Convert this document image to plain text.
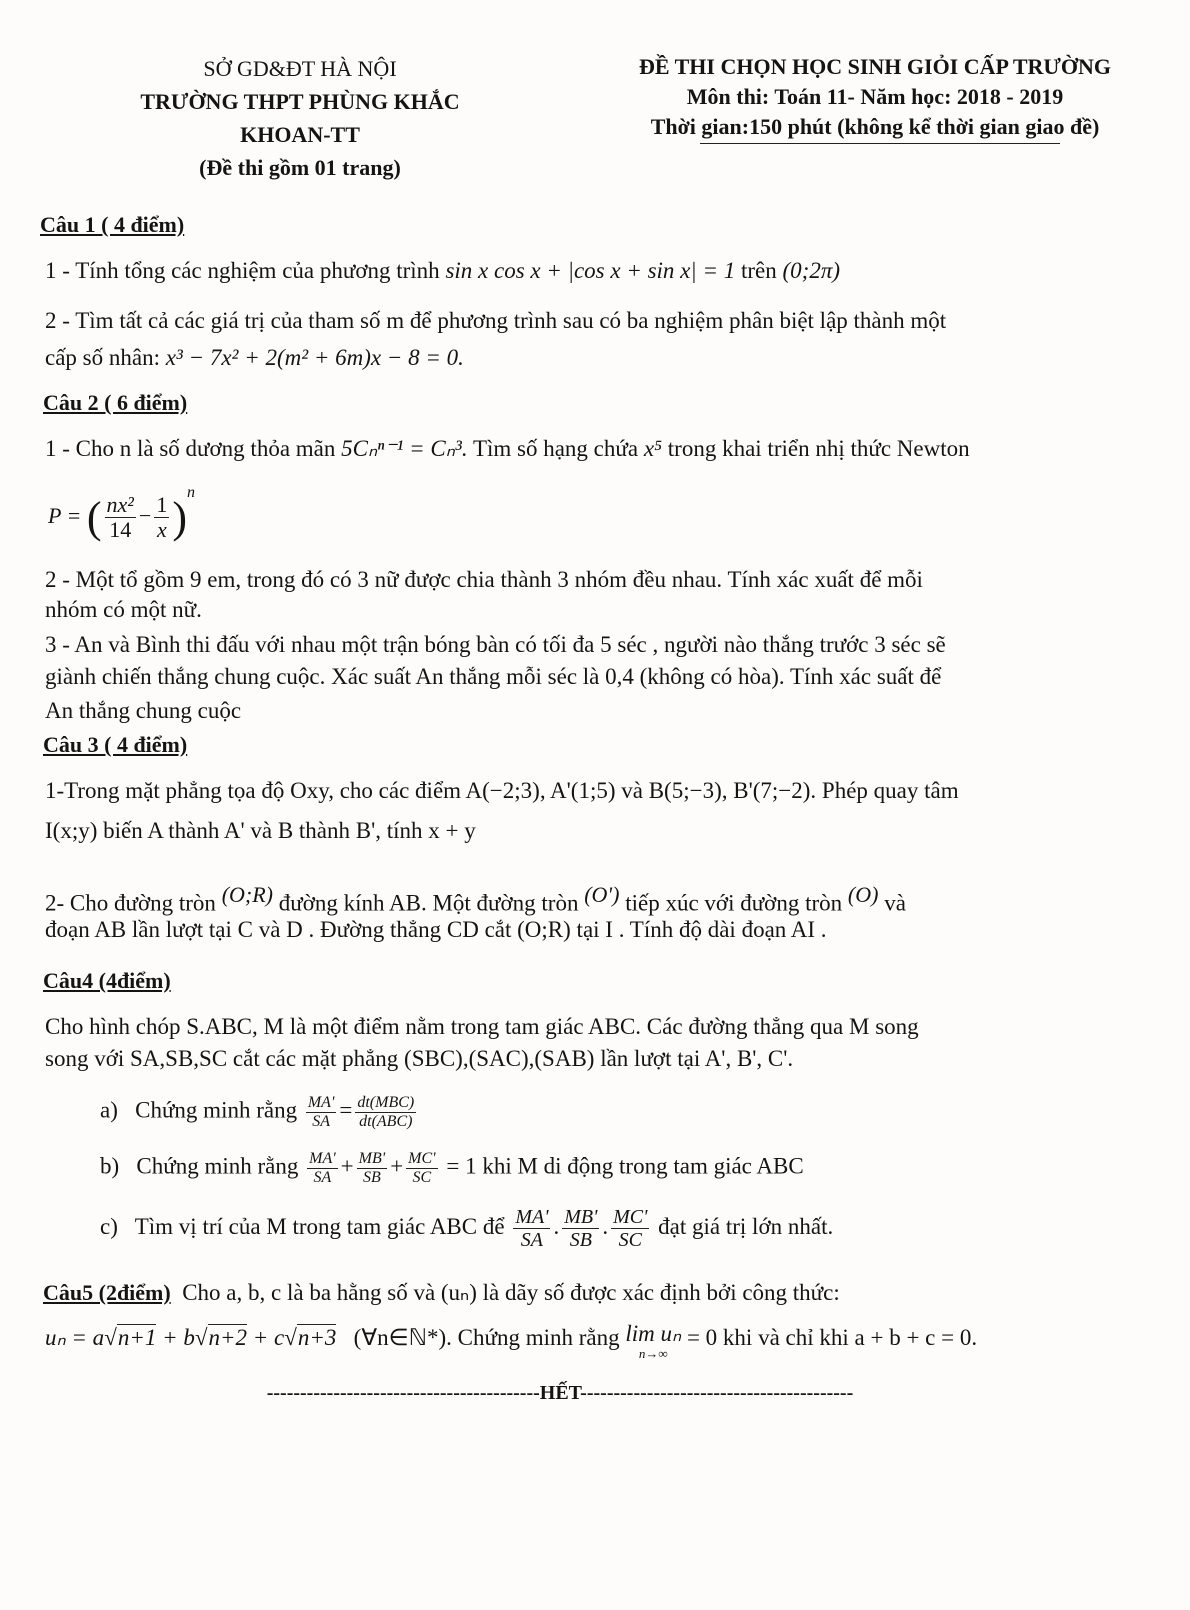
SỞ GD&ĐT HÀ NỘI
TRƯỜNG THPT PHÙNG KHẮC
KHOAN-TT
(Đề thi gồm 01 trang)
ĐỀ THI CHỌN HỌC SINH GIỎI CẤP TRƯỜNG
Môn thi: Toán 11- Năm học: 2018 - 2019
Thời gian:150 phút (không kể thời gian giao đề)
Câu 1 ( 4 điểm)
1 - Tính tổng các nghiệm của phương trình sin x cos x + |cos x + sin x| = 1 trên (0;2π)
2 - Tìm tất cả các giá trị của tham số m để phương trình sau có ba nghiệm phân biệt lập thành một
cấp số nhân: x³ − 7x² + 2(m² + 6m)x − 8 = 0.
Câu 2 ( 6 điểm)
1 - Cho n là số dương thỏa mãn 5Cₙⁿ⁻¹ = Cₙ³. Tìm số hạng chứa x⁵ trong khai triển nhị thức Newton
P = ( $\frac{\text{nx²}}{14} - \frac{1}{x} )^n$
2 - Một tổ gồm 9 em, trong đó có 3 nữ được chia thành 3 nhóm đều nhau. Tính xác xuất để mỗi
nhóm có một nữ.
3 - An và Bình thi đấu với nhau một trận bóng bàn có tối đa 5 séc , người nào thắng trước 3 séc sẽ
giành chiến thắng chung cuộc. Xác suất An thắng mỗi séc là 0,4 (không có hòa). Tính xác suất để
An thắng chung cuộc
Câu 3 ( 4 điểm)
1-Trong mặt phẳng tọa độ Oxy, cho các điểm A(−2;3), A'(1;5) và B(5;−3), B'(7;−2). Phép quay tâm
I(x;y) biến A thành A' và B thành B', tính x + y
2- Cho đường tròn $^{(O;R)}$ đường kính AB. Một đường tròn $^{(O')}$ tiếp xúc với đường tròn $^{(O)}$ và
đoạn AB lần lượt tại C và D . Đường thẳng CD cắt (O;R) tại I . Tính độ dài đoạn AI .
Câu4 (4điểm)
Cho hình chóp S.ABC, M là một điểm nằm trong tam giác ABC. Các đường thẳng qua M song
song với SA,SB,SC cắt các mặt phẳng (SBC),(SAC),(SAB) lần lượt tại A', B', C'.
a) Chứng minh rằng $\frac{MA'}{SA} = \frac{\text{dt(MBC)}}{\text{dt(ABC)}}$
b) Chứng minh rằng $\frac{MA'}{SA} + \frac{MB'}{SB} + \frac{MC'}{SC} = 1$ khi M di động trong tam giác ABC
c) Tìm vị trí của M trong tam giác ABC để $\frac{MA'}{SA}$ . $\frac{MB'}{SB}$ . $\frac{MC'}{SC}$ đạt giá trị lớn nhất.
Câu5 (2điểm) Cho a, b, c là ba hằng số và (uₙ) là dãy số được xác định bởi công thức:
uₙ = a√n+1 + b√n+2 + c√n+3 (∀n∈ℕ*). Chứng minh rằng lim uₙ
n→∞
= 0 khi và chỉ khi a + b + c = 0.
-----------------------------------------HẾT-----------------------------------------
